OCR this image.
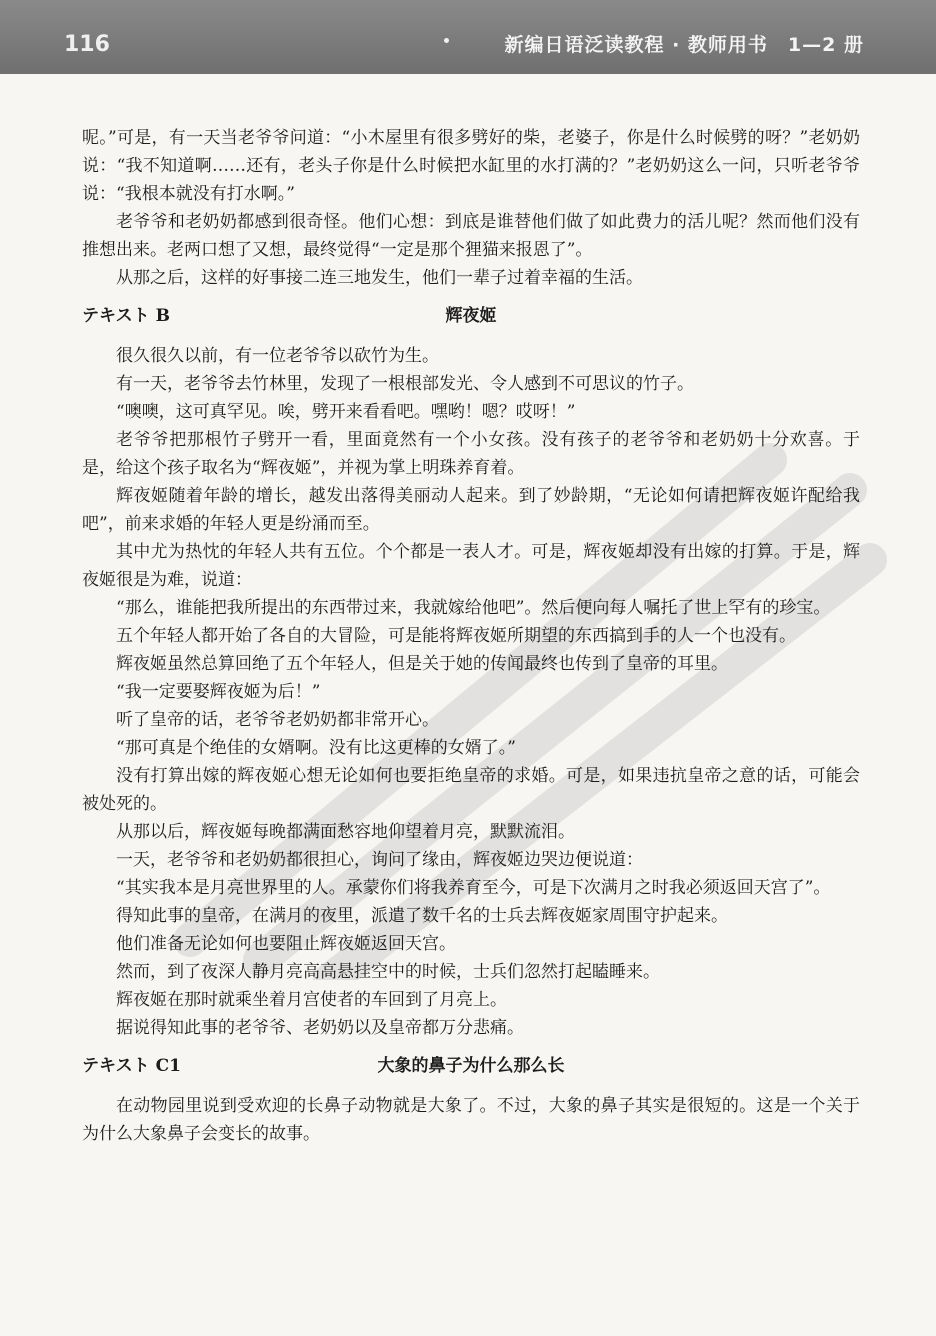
116	新编日语泛读教程 · 教师用书　1—2 册

呢。”可是，有一天当老爷爷问道：“小木屋里有很多劈好的柴，老婆子，你是什么时候劈的呀？”老奶奶说：“我不知道啊……还有，老头子你是什么时候把水缸里的水打满的？”老奶奶这么一问，只听老爷爷说：“我根本就没有打水啊。”

老爷爷和老奶奶都感到很奇怪。他们心想：到底是谁替他们做了如此费力的活儿呢？然而他们没有推想出来。老两口想了又想，最终觉得“一定是那个狸猫来报恩了”。

从那之后，这样的好事接二连三地发生，他们一辈子过着幸福的生活。

テキスト B	辉夜姬

很久很久以前，有一位老爷爷以砍竹为生。

有一天，老爷爷去竹林里，发现了一根根部发光、令人感到不可思议的竹子。

“噢噢，这可真罕见。唉，劈开来看看吧。嘿哟！嗯？哎呀！”

老爷爷把那根竹子劈开一看，里面竟然有一个小女孩。没有孩子的老爷爷和老奶奶十分欢喜。于是，给这个孩子取名为“辉夜姬”，并视为掌上明珠养育着。

辉夜姬随着年龄的增长，越发出落得美丽动人起来。到了妙龄期，“无论如何请把辉夜姬许配给我吧”，前来求婚的年轻人更是纷涌而至。

其中尤为热忱的年轻人共有五位。个个都是一表人才。可是，辉夜姬却没有出嫁的打算。于是，辉夜姬很是为难，说道：

“那么，谁能把我所提出的东西带过来，我就嫁给他吧”。然后便向每人嘱托了世上罕有的珍宝。

五个年轻人都开始了各自的大冒险，可是能将辉夜姬所期望的东西搞到手的人一个也没有。

辉夜姬虽然总算回绝了五个年轻人，但是关于她的传闻最终也传到了皇帝的耳里。

“我一定要娶辉夜姬为后！”

听了皇帝的话，老爷爷老奶奶都非常开心。

“那可真是个绝佳的女婿啊。没有比这更棒的女婿了。”

没有打算出嫁的辉夜姬心想无论如何也要拒绝皇帝的求婚。可是，如果违抗皇帝之意的话，可能会被处死的。

从那以后，辉夜姬每晚都满面愁容地仰望着月亮，默默流泪。

一天，老爷爷和老奶奶都很担心，询问了缘由，辉夜姬边哭边便说道：

“其实我本是月亮世界里的人。承蒙你们将我养育至今，可是下次满月之时我必须返回天宫了”。

得知此事的皇帝，在满月的夜里，派遣了数千名的士兵去辉夜姬家周围守护起来。

他们准备无论如何也要阻止辉夜姬返回天宫。

然而，到了夜深人静月亮高高悬挂空中的时候，士兵们忽然打起瞌睡来。

辉夜姬在那时就乘坐着月宫使者的车回到了月亮上。

据说得知此事的老爷爷、老奶奶以及皇帝都万分悲痛。

テキスト C1	大象的鼻子为什么那么长

在动物园里说到受欢迎的长鼻子动物就是大象了。不过，大象的鼻子其实是很短的。这是一个关于为什么大象鼻子会变长的故事。
